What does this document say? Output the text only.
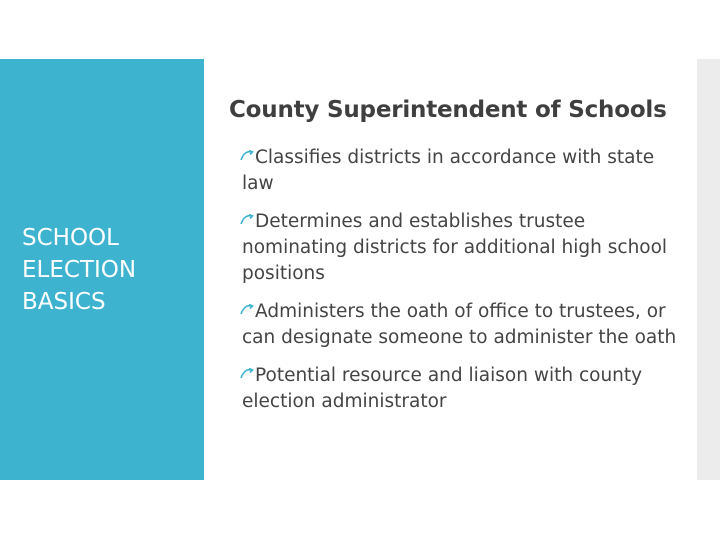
SCHOOL ELECTION BASICS
County Superintendent of Schools
Classifies districts in accordance with state law
Determines and establishes trustee nominating districts for additional high school positions
Administers the oath of office to trustees, or can designate someone to administer the oath
Potential resource and liaison with county election administrator
